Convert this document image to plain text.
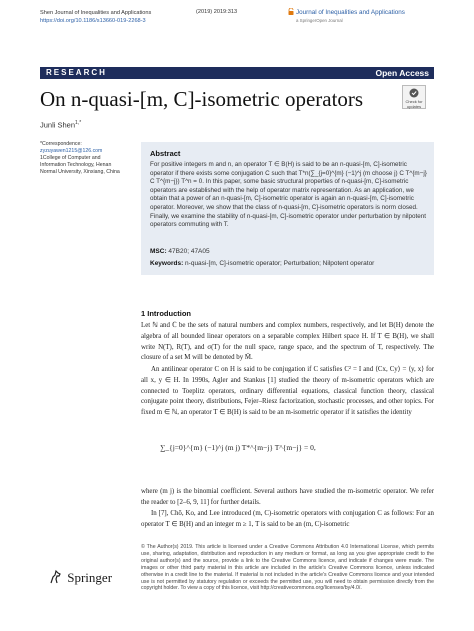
Shen Journal of Inequalities and Applications
https://doi.org/10.1186/s13660-019-2268-3
(2019) 2019:313	Journal of Inequalities and Applications
a SpringerOpen Journal
RESEARCH	Open Access
Check for updates
On n-quasi-[m, C]-isometric operators
Junli Shen$^{1,*}$
*Correspondence:
zyzuyawen1215@126.com
1College of Computer and
Information Technology, Henan
Normal University, Xinxiang, China
Abstract
For positive integers m and n, an operator T ∈ B(H) is said to be an n-quasi-[m, C]-isometric operator if there exists some conjugation C such that T*n(∑_{j=0}^{m} (−1)^j (m choose j) C T^{m−j} C T^{m−j}) T^n = 0. In this paper, some basic structural properties of n-quasi-[m, C]-isometric operators are established with the help of operator matrix representation. As an application, we obtain that a power of an n-quasi-[m, C]-isometric operator is again an n-quasi-[m, C]-isometric operator. Moreover, we show that the class of n-quasi-[m, C]-isometric operators is norm closed. Finally, we examine the stability of n-quasi-[m, C]-isometric operator under perturbation by nilpotent operators commuting with T.
MSC: 47B20; 47A05
Keywords: n-quasi-[m, C]-isometric operator; Perturbation; Nilpotent operator
1 Introduction
Let ℕ and ℂ be the sets of natural numbers and complex numbers, respectively, and let B(H) denote the algebra of all bounded linear operators on a separable complex Hilbert space H. If T ∈ B(H), we shall write N(T), R(T), and σ(T) for the null space, range space, and the spectrum of T, respectively. The closure of a set M will be denoted by M̄.
An antilinear operator C on H is said to be conjugation if C satisfies C² = I and ⟨Cx, Cy⟩ = ⟨y, x⟩ for all x, y ∈ H. In 1990s, Agler and Stankus [1] studied the theory of m-isometric operators which are connected to Toeplitz operators, ordinary differential equations, classical function theory, classical conjugate point theory, distributions, Fejer–Riesz factorization, stochastic processes, and other topics. For fixed m ∈ ℕ, an operator T ∈ B(H) is said to be an m-isometric operator if it satisfies the identity
∑_{j=0}^{m} (−1)^j (m j) T*^{m−j} T^{m−j} = 0,
where (m j) is the binomial coefficient. Several authors have studied the m-isometric operator. We refer the reader to [2–6, 9, 11] for further details.
In [7], Chō, Ko, and Lee introduced (m, C)-isometric operators with conjugation C as follows: For an operator T ∈ B(H) and an integer m ≥ 1, T is said to be an (m, C)-isometric
© The Author(s) 2019. This article is licensed under a Creative Commons Attribution 4.0 International License, which permits use, sharing, adaptation, distribution and reproduction in any medium or format, as long as you give appropriate credit to the original author(s) and the source, provide a link to the Creative Commons licence, and indicate if changes were made. The images or other third party material in this article are included in the article's Creative Commons licence, unless indicated otherwise in a credit line to the material. If material is not included in the article's Creative Commons licence and your intended use is not permitted by statutory regulation or exceeds the permitted use, you will need to obtain permission directly from the copyright holder. To view a copy of this licence, visit http://creativecommons.org/licenses/by/4.0/.
Springer
